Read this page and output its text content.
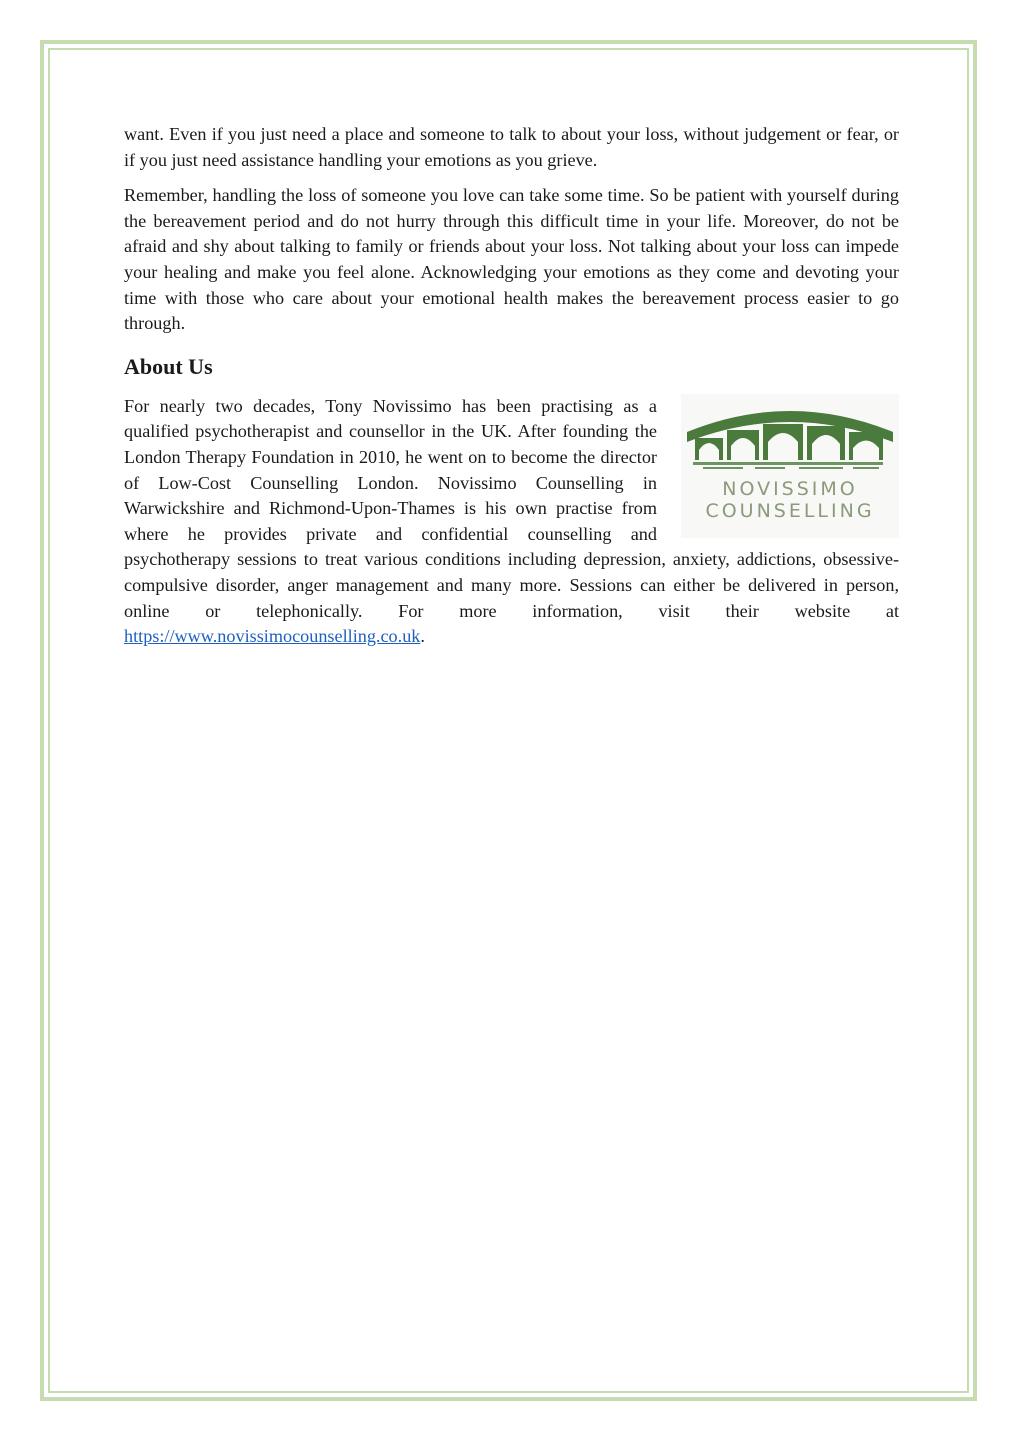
want. Even if you just need a place and someone to talk to about your loss, without judgement or fear, or if you just need assistance handling your emotions as you grieve.

Remember, handling the loss of someone you love can take some time. So be patient with yourself during the bereavement period and do not hurry through this difficult time in your life. Moreover, do not be afraid and shy about talking to family or friends about your loss. Not talking about your loss can impede your healing and make you feel alone. Acknowledging your emotions as they come and devoting your time with those who care about your emotional health makes the bereavement process easier to go through.

About Us

NOVISSIMO
COUNSELLING
For nearly two decades, Tony Novissimo has been practising as a qualified psychotherapist and counsellor in the UK. After founding the London Therapy Foundation in 2010, he went on to become the director of Low-Cost Counselling London. Novissimo Counselling in Warwickshire and Richmond-Upon-Thames is his own practise from where he provides private and confidential counselling and psychotherapy sessions to treat various conditions including depression, anxiety, addictions, obsessive-compulsive disorder, anger management and many more. Sessions can either be delivered in person, online or telephonically. For more information, visit their website at https://www.novissimocounselling.co.uk.
